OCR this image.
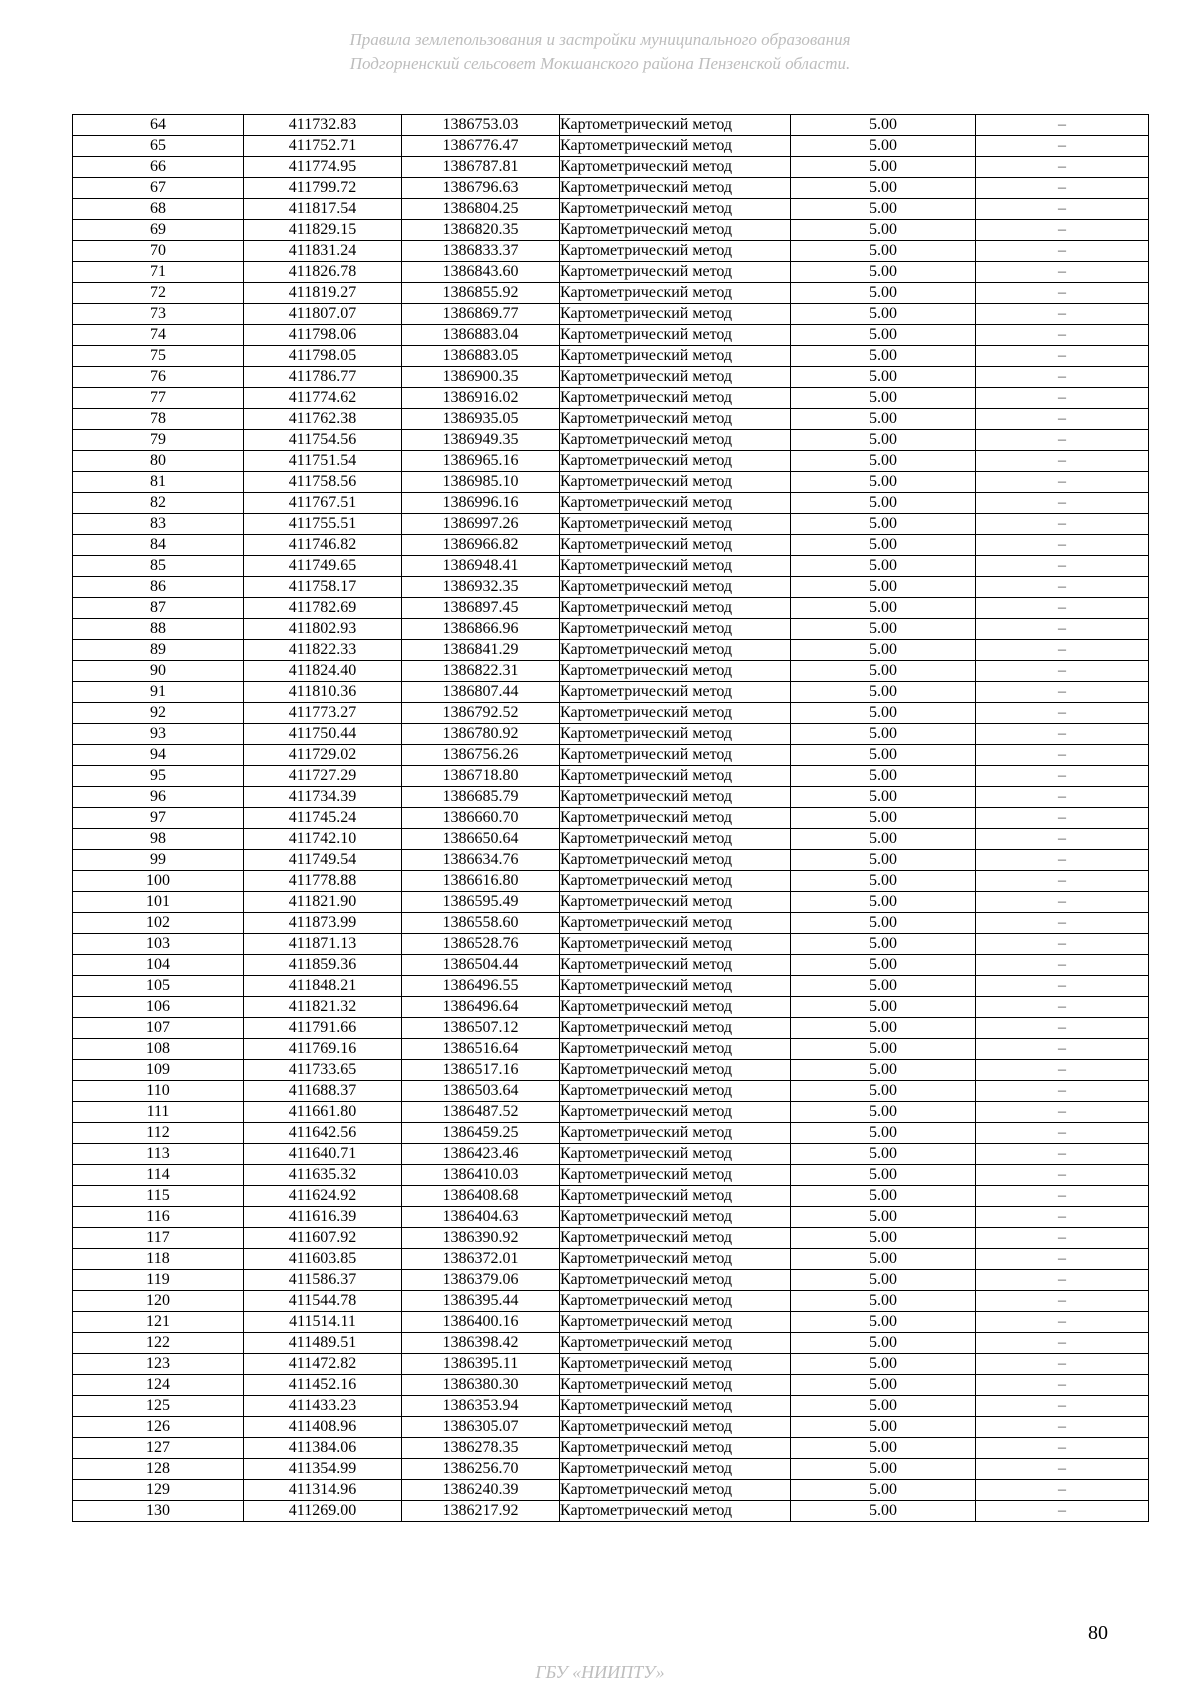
Правила землепользования и застройки муниципального образования
Подгорненский сельсовет Мокшанского района Пензенской области.
64	411732.83	1386753.03	Картометрический метод	5.00	–
65	411752.71	1386776.47	Картометрический метод	5.00	–
66	411774.95	1386787.81	Картометрический метод	5.00	–
67	411799.72	1386796.63	Картометрический метод	5.00	–
68	411817.54	1386804.25	Картометрический метод	5.00	–
69	411829.15	1386820.35	Картометрический метод	5.00	–
70	411831.24	1386833.37	Картометрический метод	5.00	–
71	411826.78	1386843.60	Картометрический метод	5.00	–
72	411819.27	1386855.92	Картометрический метод	5.00	–
73	411807.07	1386869.77	Картометрический метод	5.00	–
74	411798.06	1386883.04	Картометрический метод	5.00	–
75	411798.05	1386883.05	Картометрический метод	5.00	–
76	411786.77	1386900.35	Картометрический метод	5.00	–
77	411774.62	1386916.02	Картометрический метод	5.00	–
78	411762.38	1386935.05	Картометрический метод	5.00	–
79	411754.56	1386949.35	Картометрический метод	5.00	–
80	411751.54	1386965.16	Картометрический метод	5.00	–
81	411758.56	1386985.10	Картометрический метод	5.00	–
82	411767.51	1386996.16	Картометрический метод	5.00	–
83	411755.51	1386997.26	Картометрический метод	5.00	–
84	411746.82	1386966.82	Картометрический метод	5.00	–
85	411749.65	1386948.41	Картометрический метод	5.00	–
86	411758.17	1386932.35	Картометрический метод	5.00	–
87	411782.69	1386897.45	Картометрический метод	5.00	–
88	411802.93	1386866.96	Картометрический метод	5.00	–
89	411822.33	1386841.29	Картометрический метод	5.00	–
90	411824.40	1386822.31	Картометрический метод	5.00	–
91	411810.36	1386807.44	Картометрический метод	5.00	–
92	411773.27	1386792.52	Картометрический метод	5.00	–
93	411750.44	1386780.92	Картометрический метод	5.00	–
94	411729.02	1386756.26	Картометрический метод	5.00	–
95	411727.29	1386718.80	Картометрический метод	5.00	–
96	411734.39	1386685.79	Картометрический метод	5.00	–
97	411745.24	1386660.70	Картометрический метод	5.00	–
98	411742.10	1386650.64	Картометрический метод	5.00	–
99	411749.54	1386634.76	Картометрический метод	5.00	–
100	411778.88	1386616.80	Картометрический метод	5.00	–
101	411821.90	1386595.49	Картометрический метод	5.00	–
102	411873.99	1386558.60	Картометрический метод	5.00	–
103	411871.13	1386528.76	Картометрический метод	5.00	–
104	411859.36	1386504.44	Картометрический метод	5.00	–
105	411848.21	1386496.55	Картометрический метод	5.00	–
106	411821.32	1386496.64	Картометрический метод	5.00	–
107	411791.66	1386507.12	Картометрический метод	5.00	–
108	411769.16	1386516.64	Картометрический метод	5.00	–
109	411733.65	1386517.16	Картометрический метод	5.00	–
110	411688.37	1386503.64	Картометрический метод	5.00	–
111	411661.80	1386487.52	Картометрический метод	5.00	–
112	411642.56	1386459.25	Картометрический метод	5.00	–
113	411640.71	1386423.46	Картометрический метод	5.00	–
114	411635.32	1386410.03	Картометрический метод	5.00	–
115	411624.92	1386408.68	Картометрический метод	5.00	–
116	411616.39	1386404.63	Картометрический метод	5.00	–
117	411607.92	1386390.92	Картометрический метод	5.00	–
118	411603.85	1386372.01	Картометрический метод	5.00	–
119	411586.37	1386379.06	Картометрический метод	5.00	–
120	411544.78	1386395.44	Картометрический метод	5.00	–
121	411514.11	1386400.16	Картометрический метод	5.00	–
122	411489.51	1386398.42	Картометрический метод	5.00	–
123	411472.82	1386395.11	Картометрический метод	5.00	–
124	411452.16	1386380.30	Картометрический метод	5.00	–
125	411433.23	1386353.94	Картометрический метод	5.00	–
126	411408.96	1386305.07	Картометрический метод	5.00	–
127	411384.06	1386278.35	Картометрический метод	5.00	–
128	411354.99	1386256.70	Картометрический метод	5.00	–
129	411314.96	1386240.39	Картометрический метод	5.00	–
130	411269.00	1386217.92	Картометрический метод	5.00	–
80
ГБУ «НИИПТУ»
